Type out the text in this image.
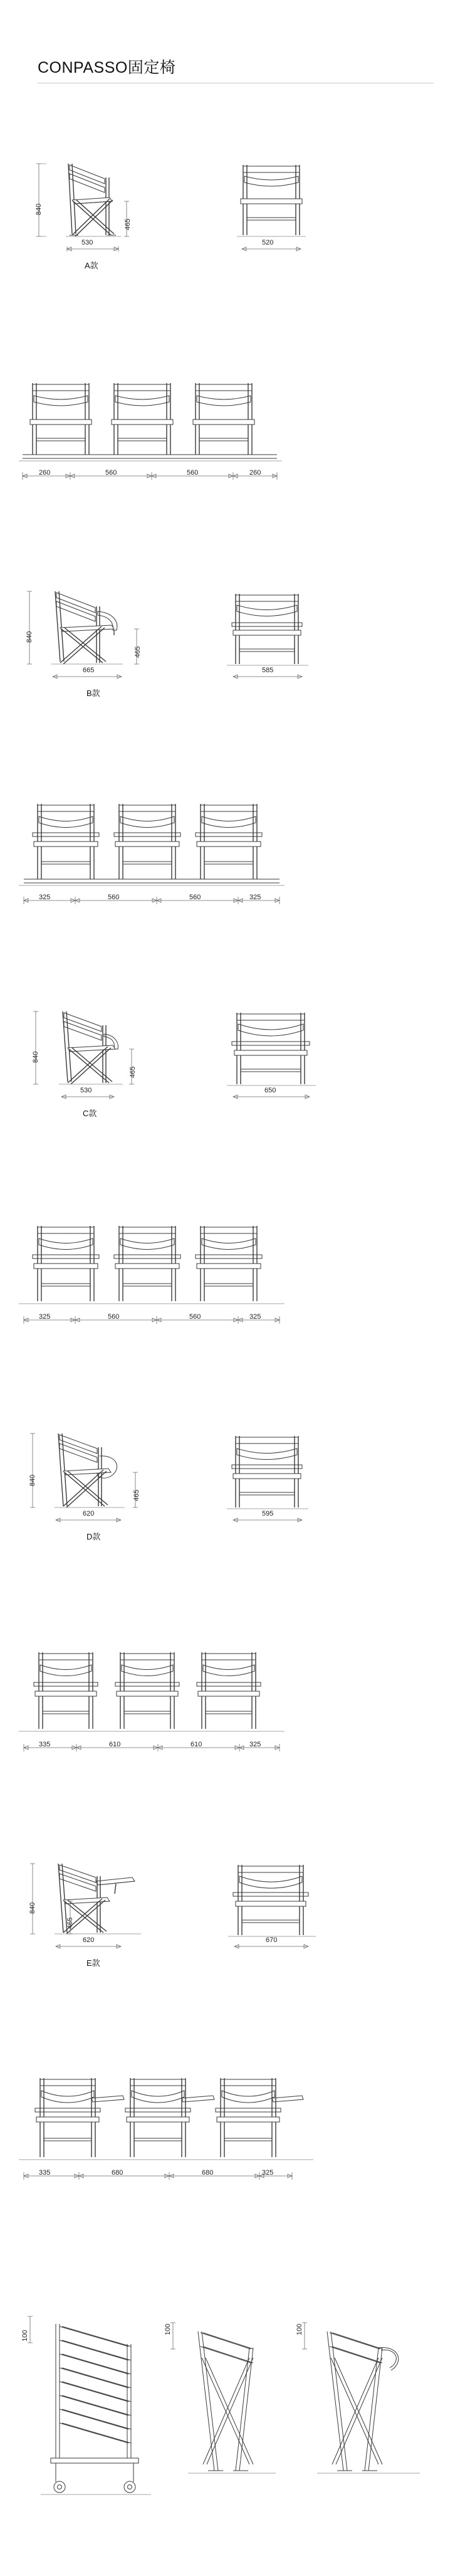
CONPASSO固定椅
840
465
530
A款
520
260	560	560	260
840
465
665
B款
585
325	560	560	325
840
465
530
C款
650
325	560	560	325
840
465
620
D款
595
335	610	610	325
840
465
620
E款
670
335	680	680	325
100
100	100
